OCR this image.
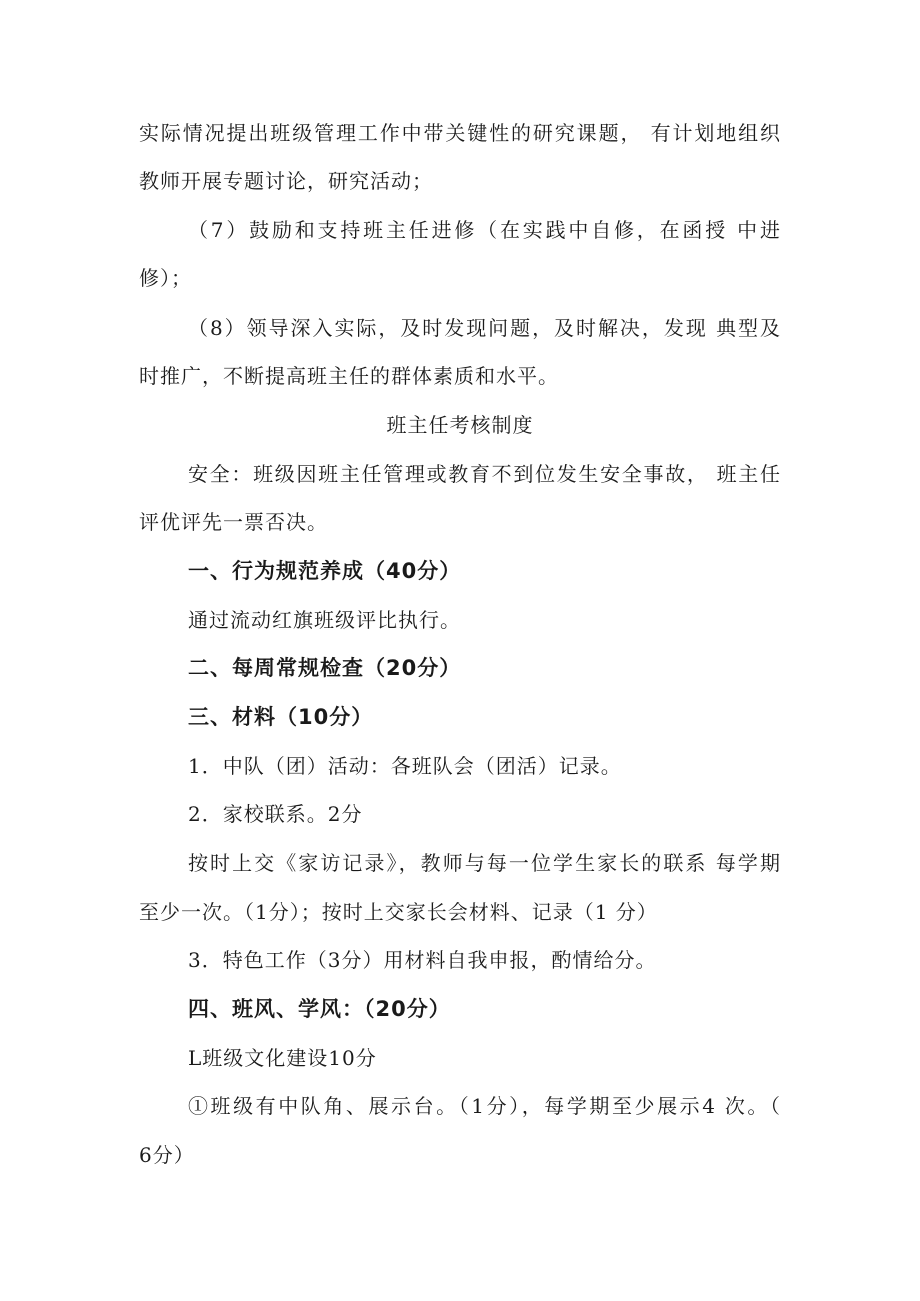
实际情况提出班级管理工作中带关键性的研究课题， 有计划地组织

教师开展专题讨论，研究活动；

（7）鼓励和支持班主任进修（在实践中自修，在函授 中进

修）；

（8）领导深入实际，及时发现问题，及时解决，发现 典型及

时推广，不断提高班主任的群体素质和水平。

班主任考核制度

安全：班级因班主任管理或教育不到位发生安全事故， 班主任

评优评先一票否决。

一、行为规范养成（40分）

通过流动红旗班级评比执行。

二、每周常规检查（20分）

三、材料（10分）

1．中队（团）活动：各班队会（团活）记录。

2．家校联系。2分

按时上交《家访记录》，教师与每一位学生家长的联系 每学期

至少一次。（1分）；按时上交家长会材料、记录（1 分）

3．特色工作（3分）用材料自我申报，酌情给分。

四、班风、学风：（20分）

L班级文化建设10分

①班级有中队角、展示台。（1分），每学期至少展示4 次。（

6分）
